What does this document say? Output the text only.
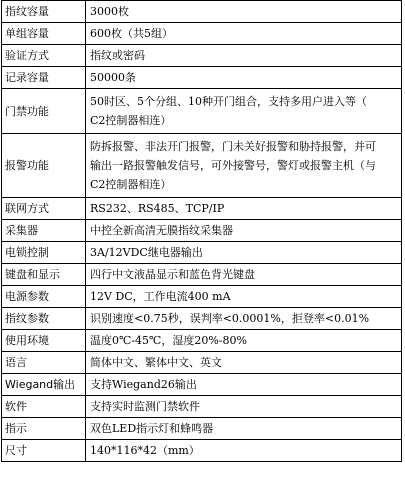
指纹容量	3000枚

单组容量	600枚（共5组）

验证方式	指纹或密码

记录容量	50000条

门禁功能	50时区、5个分组、10种开门组合，支持多用户进入等（
C2控制器相连）

报警功能	防拆报警、非法开门报警，门未关好报警和胁持报警，并可
输出一路报警触发信号，可外接警号，警灯或报警主机（与
C2控制器相连）

联网方式	RS232、RS485、TCP/IP

采集器	中控全新高清无膜指纹采集器

电锁控制	3A/12VDC继电器输出

键盘和显示	四行中文液晶显示和蓝色背光键盘

电源参数	12V DC，工作电流400 mA

指纹参数	识别速度<0.75秒，误判率<0.0001%，拒登率<0.01%

使用环境	温度0℃-45℃，湿度20%-80%

语言	简体中文、繁体中文、英文

Wiegand输出	支持Wiegand26输出

软件	支持实时监测门禁软件

指示	双色LED指示灯和蜂鸣器

尺寸	140*116*42（mm）
